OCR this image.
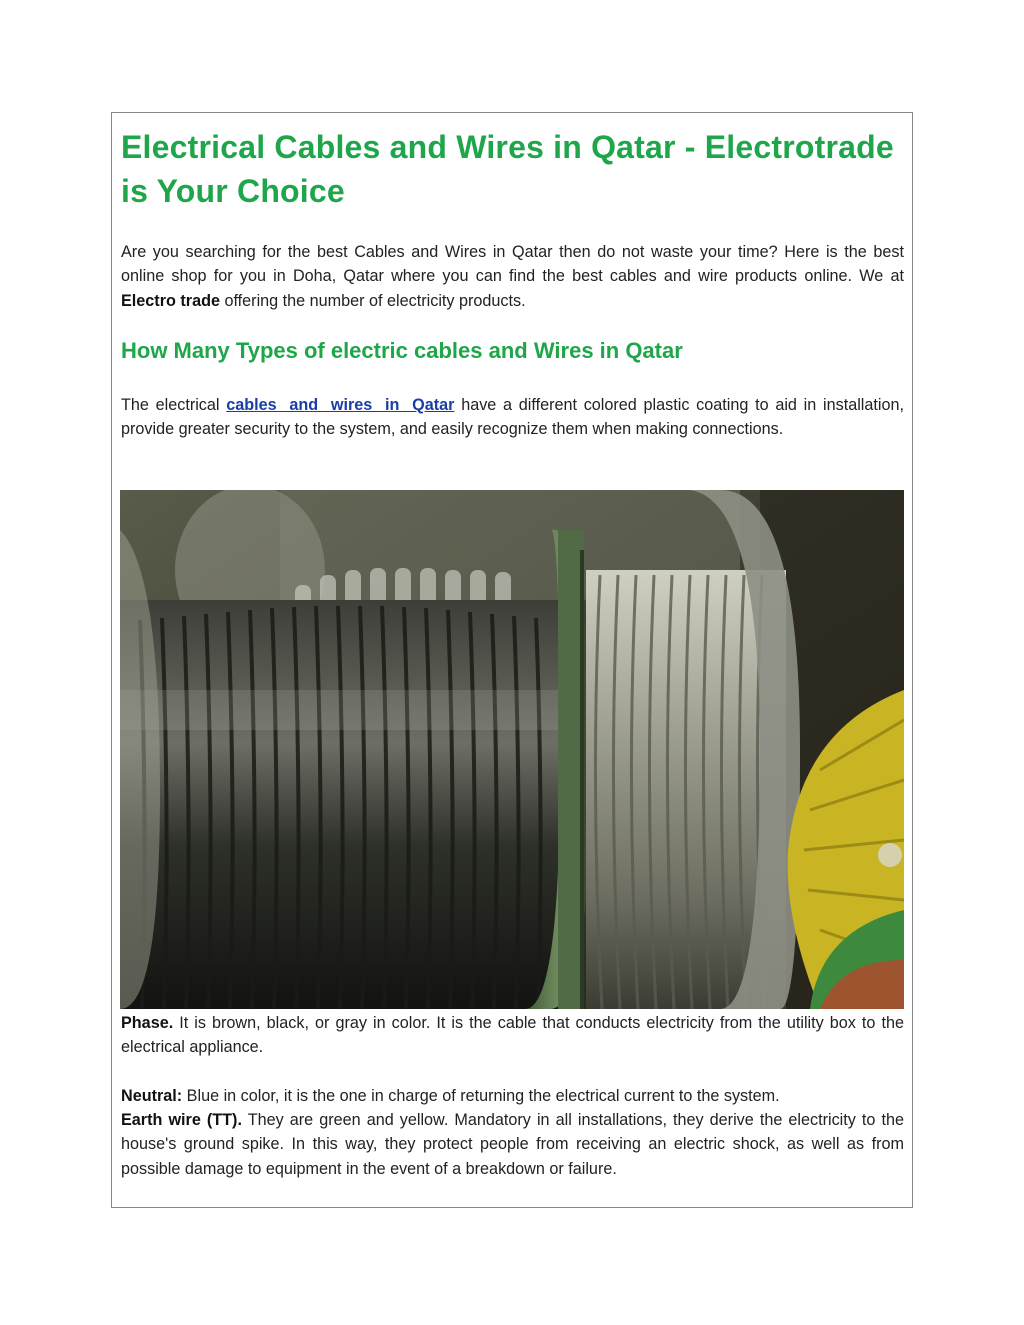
Electrical Cables and Wires in Qatar - Electrotrade is Your Choice

Are you searching for the best Cables and Wires in Qatar then do not waste your time? Here is the best online shop for you in Doha, Qatar where you can find the best cables and wire products online. We at Electro trade offering the number of electricity products.

How Many Types of electric cables and Wires in Qatar

The electrical cables and wires in Qatar have a different colored plastic coating to aid in installation, provide greater security to the system, and easily recognize them when making connections.

Phase. It is brown, black, or gray in color. It is the cable that conducts electricity from the utility box to the electrical appliance.

Neutral: Blue in color, it is the one in charge of returning the electrical current to the system.

Earth wire (TT). They are green and yellow. Mandatory in all installations, they derive the electricity to the house's ground spike. In this way, they protect people from receiving an electric shock, as well as from possible damage to equipment in the event of a breakdown or failure.
